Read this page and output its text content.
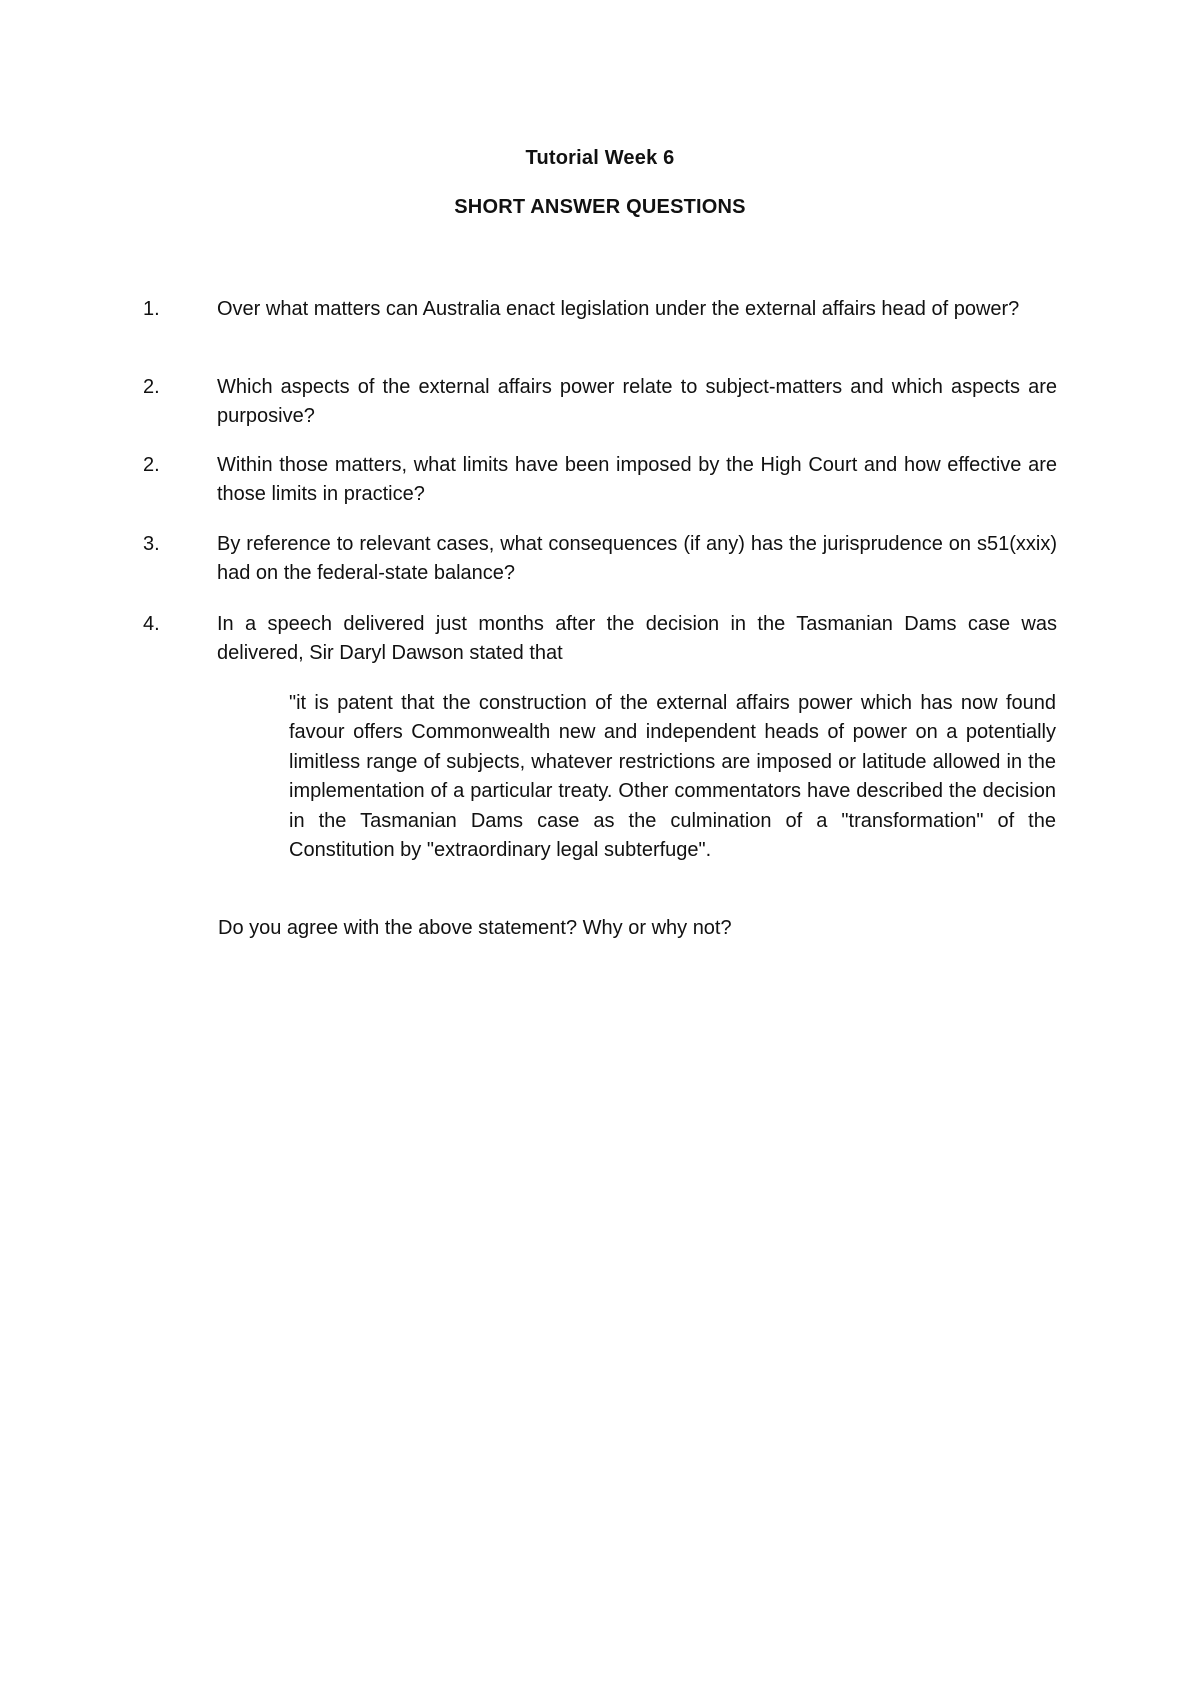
Tutorial Week 6
SHORT ANSWER QUESTIONS
1.	Over what matters can Australia enact legislation under the external affairs head of power?

2.	Which aspects of the external affairs power relate to subject-matters and which aspects are purposive?

2.	Within those matters, what limits have been imposed by the High Court and how effective are those limits in practice?

3.	By reference to relevant cases, what consequences (if any) has the jurisprudence on s51(xxix) had on the federal-state balance?

4.	In a speech delivered just months after the decision in the Tasmanian Dams case was delivered, Sir Daryl Dawson stated that

"it is patent that the construction of the external affairs power which has now found favour offers Commonwealth new and independent heads of power on a potentially limitless range of subjects, whatever restrictions are imposed or latitude allowed in the implementation of a particular treaty. Other commentators have described the decision in the Tasmanian Dams case as the culmination of a "transformation" of the Constitution by "extraordinary legal subterfuge".

Do you agree with the above statement? Why or why not?
